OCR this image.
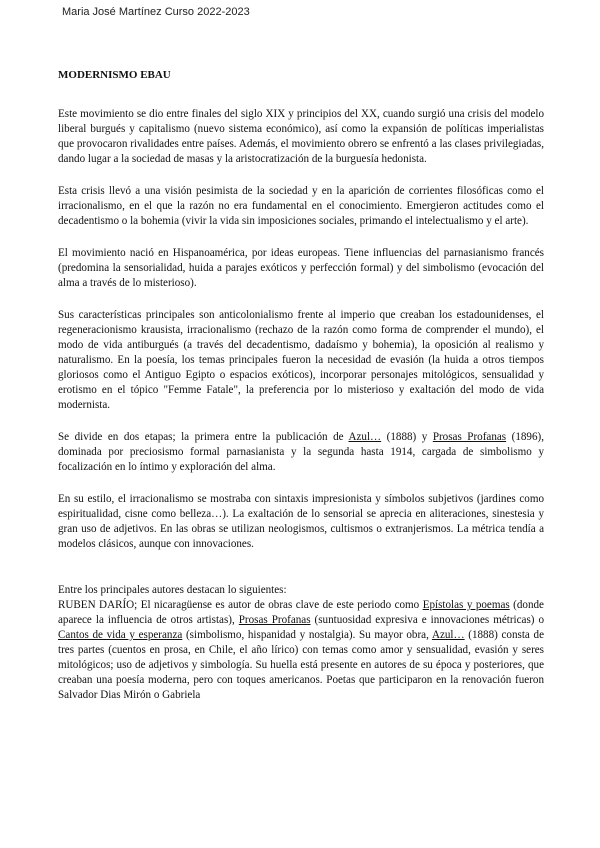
Maria José Martínez Curso 2022-2023
MODERNISMO EBAU

Este movimiento se dio entre finales del siglo XIX y principios del XX, cuando surgió una crisis del modelo liberal burgués y capitalismo (nuevo sistema económico), así como la expansión de políticas imperialistas que provocaron rivalidades entre países. Además, el movimiento obrero se enfrentó a las clases privilegiadas, dando lugar a la sociedad de masas y la aristocratización de la burguesía hedonista.

Esta crisis llevó a una visión pesimista de la sociedad y en la aparición de corrientes filosóficas como el irracionalismo, en el que la razón no era fundamental en el conocimiento. Emergieron actitudes como el decadentismo o la bohemia (vivir la vida sin imposiciones sociales, primando el intelectualismo y el arte).

El movimiento nació en Hispanoamérica, por ideas europeas. Tiene influencias del parnasianismo francés (predomina la sensorialidad, huida a parajes exóticos y perfección formal) y del simbolismo (evocación del alma a través de lo misterioso).

Sus características principales son anticolonialismo frente al imperio que creaban los estadounidenses, el regeneracionismo krausista, irracionalismo (rechazo de la razón como forma de comprender el mundo), el modo de vida antiburgués (a través del decadentismo, dadaísmo y bohemia), la oposición al realismo y naturalismo. En la poesía, los temas principales fueron la necesidad de evasión (la huida a otros tiempos gloriosos como el Antiguo Egipto o espacios exóticos), incorporar personajes mitológicos, sensualidad y erotismo en el tópico "Femme Fatale", la preferencia por lo misterioso y exaltación del modo de vida modernista.

Se divide en dos etapas; la primera entre la publicación de Azul… (1888) y Prosas Profanas (1896), dominada por preciosismo formal parnasianista y la segunda hasta 1914, cargada de simbolismo y focalización en lo íntimo y exploración del alma.

En su estilo, el irracionalismo se mostraba con sintaxis impresionista y símbolos subjetivos (jardines como espiritualidad, cisne como belleza…). La exaltación de lo sensorial se aprecia en aliteraciones, sinestesia y gran uso de adjetivos. En las obras se utilizan neologismos, cultismos o extranjerismos. La métrica tendía a modelos clásicos, aunque con innovaciones.

Entre los principales autores destacan lo siguientes:

RUBEN DARÍO; El nicaragüense es autor de obras clave de este periodo como Epístolas y poemas (donde aparece la influencia de otros artistas), Prosas Profanas (suntuosidad expresiva e innovaciones métricas) o Cantos de vida y esperanza (simbolismo, hispanidad y nostalgia). Su mayor obra, Azul… (1888) consta de tres partes (cuentos en prosa, en Chile, el año lírico) con temas como amor y sensualidad, evasión y seres mitológicos; uso de adjetivos y simbología. Su huella está presente en autores de su época y posteriores, que creaban una poesía moderna, pero con toques americanos. Poetas que participaron en la renovación fueron Salvador Dias Mirón o Gabriela
